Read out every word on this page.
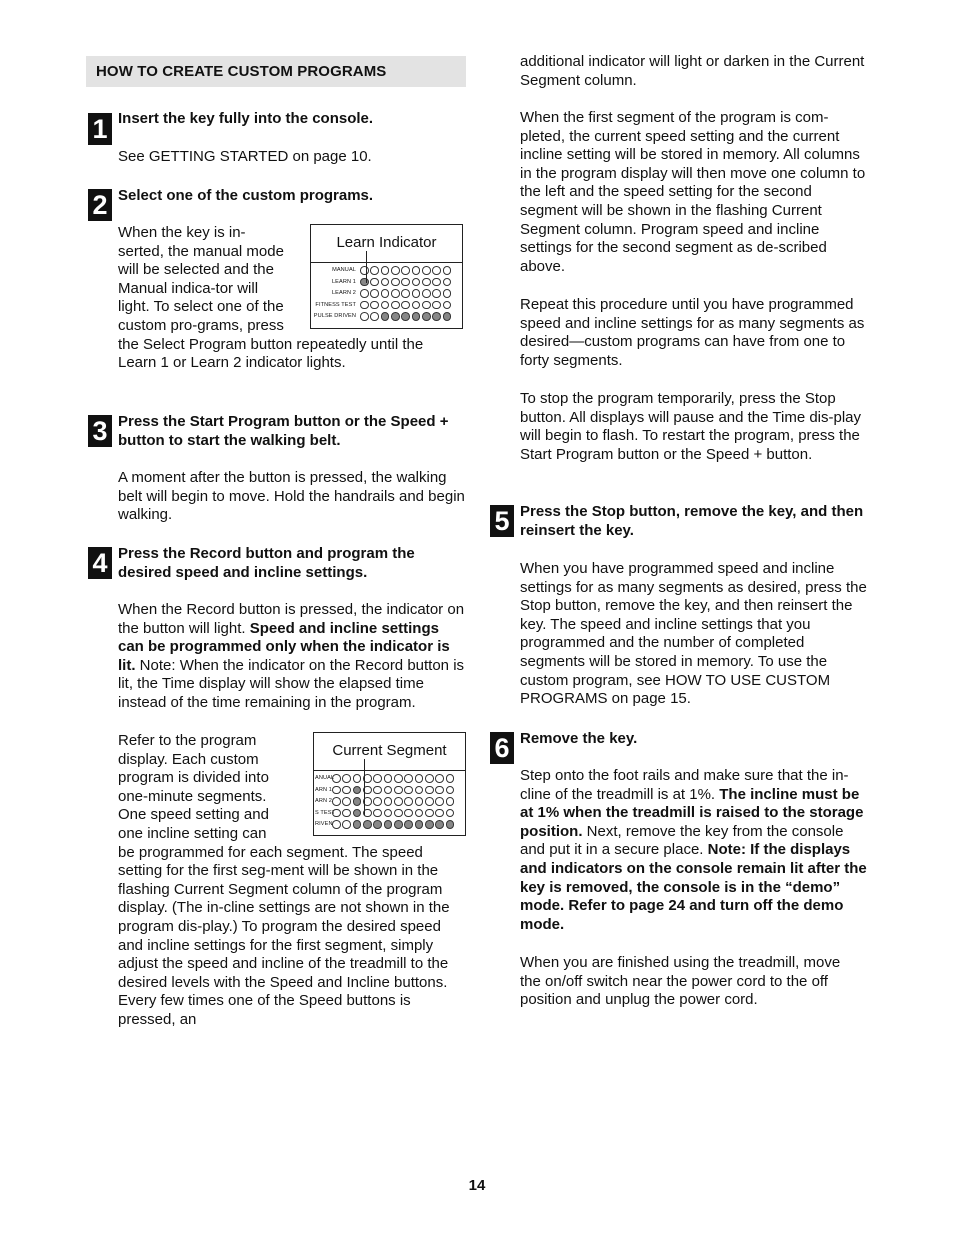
HOW TO CREATE CUSTOM PROGRAMS
1 Insert the key fully into the console.
See GETTING STARTED on page 10.
2 Select one of the custom programs.
Learn Indicator
MANUAL
LEARN 1
LEARN 2
FITNESS TEST
PULSE DRIVEN
When the key is in-serted, the manual mode will be selected and the Manual indica-tor will light. To select one of the custom pro-grams, press the Select Program button repeatedly until the Learn 1 or Learn 2 indicator lights.
3 Press the Start Program button or the Speed + button to start the walking belt.
A moment after the button is pressed, the walking belt will begin to move. Hold the handrails and begin walking.
4 Press the Record button and program the desired speed and incline settings.
When the Record button is pressed, the indicator on the button will light. Speed and incline settings can be programmed only when the indicator is lit. Note: When the indicator on the Record button is lit, the Time display will show the elapsed time instead of the time remaining in the program.
Current Segment
ANUAL
ARN 1
ARN 2
S TEST
RIVEN
Refer to the program display. Each custom program is divided into one-minute segments. One speed setting and one incline setting can be programmed for each segment. The speed setting for the first seg-ment will be shown in the flashing Current Segment column of the program display. (The in-cline settings are not shown in the program dis-play.) To program the desired speed and incline settings for the first segment, simply adjust the speed and incline of the treadmill to the desired levels with the Speed and Incline buttons. Every few times one of the Speed buttons is pressed, an
additional indicator will light or darken in the Current Segment column.
When the first segment of the program is com-pleted, the current speed setting and the current incline setting will be stored in memory. All columns in the program display will then move one column to the left and the speed setting for the second segment will be shown in the flashing Current Segment column. Program speed and incline settings for the second segment as de-scribed above.
Repeat this procedure until you have programmed speed and incline settings for as many segments as desired—custom programs can have from one to forty segments.
To stop the program temporarily, press the Stop button. All displays will pause and the Time dis-play will begin to flash. To restart the program, press the Start Program button or the Speed + button.
5 Press the Stop button, remove the key, and then reinsert the key.
When you have programmed speed and incline settings for as many segments as desired, press the Stop button, remove the key, and then reinsert the key. The speed and incline settings that you programmed and the number of completed segments will be stored in memory. To use the custom program, see HOW TO USE CUSTOM PROGRAMS on page 15.
6 Remove the key.
Step onto the foot rails and make sure that the in-cline of the treadmill is at 1%. The incline must be at 1% when the treadmill is raised to the storage position. Next, remove the key from the console and put it in a secure place. Note: If the displays and indicators on the console remain lit after the key is removed, the console is in the “demo” mode. Refer to page 24 and turn off the demo mode.
When you are finished using the treadmill, move the on/off switch near the power cord to the off position and unplug the power cord.
14
